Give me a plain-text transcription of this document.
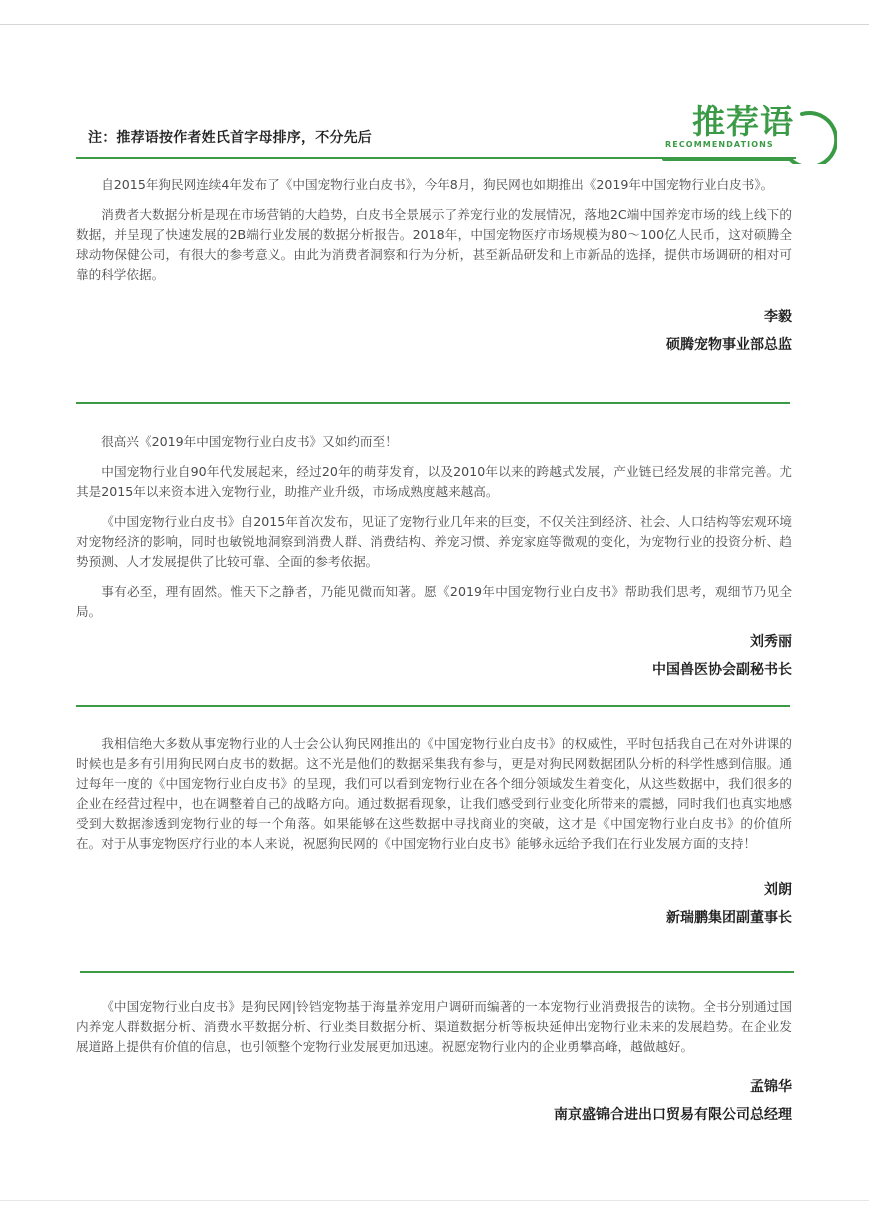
注：推荐语按作者姓氏首字母排序，不分先后	推荐语
RECOMMENDATIONS

自2015年狗民网连续4年发布了《中国宠物行业白皮书》，今年8月，狗民网也如期推出《2019年中国宠物行业白皮书》。

消费者大数据分析是现在市场营销的大趋势，白皮书全景展示了养宠行业的发展情况，落地2C端中国养宠市场的线上线下的数据，并呈现了快速发展的2B端行业发展的数据分析报告。2018年，中国宠物医疗市场规模为80～100亿人民币，这对硕腾全球动物保健公司，有很大的参考意义。由此为消费者洞察和行为分析，甚至新品研发和上市新品的选择，提供市场调研的相对可靠的科学依据。

李毅
硕腾宠物事业部总监

很高兴《2019年中国宠物行业白皮书》又如约而至！

中国宠物行业自90年代发展起来，经过20年的萌芽发育，以及2010年以来的跨越式发展，产业链已经发展的非常完善。尤其是2015年以来资本进入宠物行业，助推产业升级，市场成熟度越来越高。

《中国宠物行业白皮书》自2015年首次发布，见证了宠物行业几年来的巨变，不仅关注到经济、社会、人口结构等宏观环境对宠物经济的影响，同时也敏锐地洞察到消费人群、消费结构、养宠习惯、养宠家庭等微观的变化，为宠物行业的投资分析、趋势预测、人才发展提供了比较可靠、全面的参考依据。

事有必至，理有固然。惟天下之静者，乃能见微而知著。愿《2019年中国宠物行业白皮书》帮助我们思考，观细节乃见全局。

刘秀丽
中国兽医协会副秘书长

我相信绝大多数从事宠物行业的人士会公认狗民网推出的《中国宠物行业白皮书》的权威性，平时包括我自己在对外讲课的时候也是多有引用狗民网白皮书的数据。这不光是他们的数据采集我有参与，更是对狗民网数据团队分析的科学性感到信服。通过每年一度的《中国宠物行业白皮书》的呈现，我们可以看到宠物行业在各个细分领域发生着变化，从这些数据中，我们很多的企业在经营过程中，也在调整着自己的战略方向。通过数据看现象，让我们感受到行业变化所带来的震撼，同时我们也真实地感受到大数据渗透到宠物行业的每一个角落。如果能够在这些数据中寻找商业的突破，这才是《中国宠物行业白皮书》的价值所在。对于从事宠物医疗行业的本人来说，祝愿狗民网的《中国宠物行业白皮书》能够永远给予我们在行业发展方面的支持！

刘朗
新瑞鹏集团副董事长

《中国宠物行业白皮书》是狗民网|铃铛宠物基于海量养宠用户调研而编著的一本宠物行业消费报告的读物。全书分别通过国内养宠人群数据分析、消费水平数据分析、行业类目数据分析、渠道数据分析等板块延伸出宠物行业未来的发展趋势。在企业发展道路上提供有价值的信息，也引领整个宠物行业发展更加迅速。祝愿宠物行业内的企业勇攀高峰，越做越好。

孟锦华
南京盛锦合进出口贸易有限公司总经理
